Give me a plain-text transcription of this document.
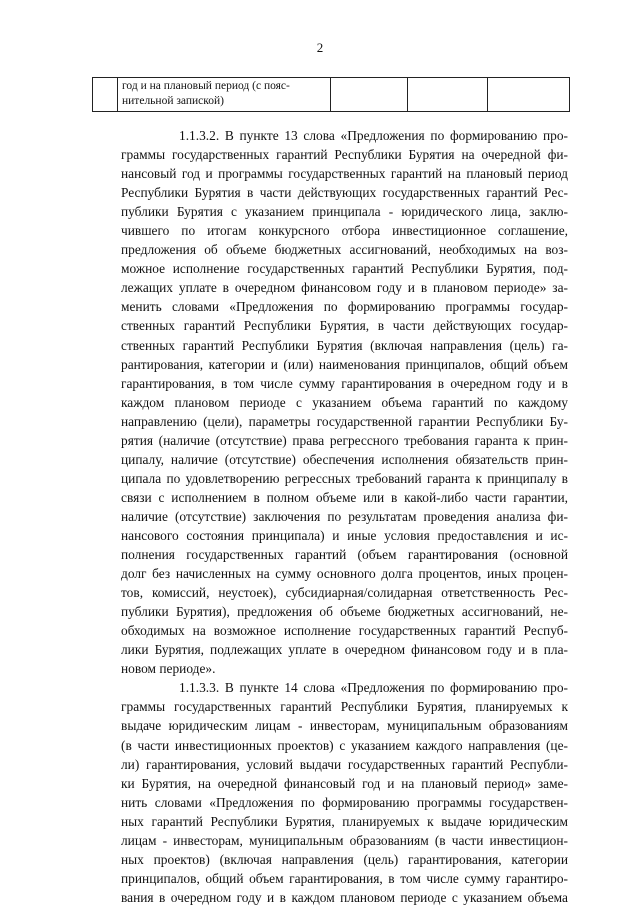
2
	год и на плановый период (с пояс-
нительной запиской)			
1.1.3.2. В пункте 13 слова «Предложения по формированию про-
граммы государственных гарантий Республики Бурятия на очередной фи-
нансовый год и программы государственных гарантий на плановый период
Республики Бурятия в части действующих государственных гарантий Рес-
публики Бурятия с указанием принципала - юридического лица, заклю-
чившего по итогам конкурсного отбора инвестиционное соглашение,
предложения об объеме бюджетных ассигнований, необходимых на воз-
можное исполнение государственных гарантий Республики Бурятия, под-
лежащих уплате в очередном финансовом году и в плановом периоде» за-
менить словами «Предложения по формированию программы государ-
ственных гарантий Республики Бурятия, в части действующих государ-
ственных гарантий Республики Бурятия (включая направления (цель) га-
рантирования, категории и (или) наименования принципалов, общий объем
гарантирования, в том числе сумму гарантирования в очередном году и в
каждом плановом периоде с указанием объема гарантий по каждому
направлению (цели), параметры государственной гарантии Республики Бу-
рятия (наличие (отсутствие) права регрессного требования гаранта к прин-
ципалу, наличие (отсутствие) обеспечения исполнения обязательств прин-
ципала по удовлетворению регрессных требований гаранта к принципалу в
связи с исполнением в полном объеме или в какой-либо части гарантии,
наличие (отсутствие) заключения по результатам проведения анализа фи-
нансового состояния принципала) и иные условия предоставлєния и ис-
полнения государственных гарантий (объем гарантирования (основной
долг без начисленных на сумму основного долга процентов, иных процен-
тов, комиссий, неустоек), субсидиарная/солидарная ответственность Рес-
публики Бурятия), предложения об объеме бюджетных ассигнований, не-
обходимых на возможное исполнение государственных гарантий Респуб-
лики Бурятия, подлежащих уплате в очередном финансовом году и в пла-
новом периоде».
1.1.3.3. В пункте 14 слова «Предложения по формированию про-
граммы государственных гарантий Республики Бурятия, планируемых к
выдаче юридическим лицам - инвесторам, муниципальным образованиям
(в части инвестиционных проектов) с указанием каждого направления (це-
ли) гарантирования, условий выдачи государственных гарантий Республи-
ки Бурятия, на очередной финансовый год и на плановый период» заме-
нить словами «Предложения по формированию программы государствен-
ных гарантий Республики Бурятия, планируемых к выдаче юридическим
лицам - инвесторам, муниципальным образованиям (в части инвестицион-
ных проектов) (включая направления (цель) гарантирования, категории
принципалов, общий объем гарантирования, в том числе сумму гарантиро-
вания в очередном году и в каждом плановом периоде с указанием объема
